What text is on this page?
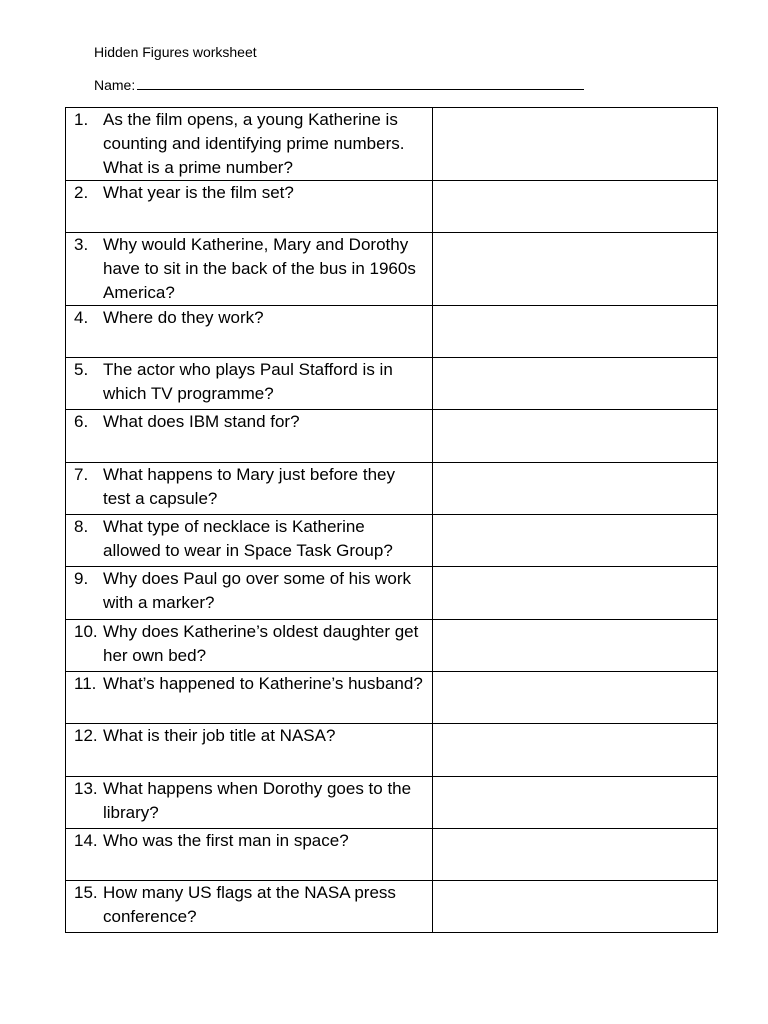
Hidden Figures worksheet
Name:
1. As the film opens, a young Katherine is counting and identifying prime numbers. What is a prime number?	

2. What year is the film set?	

3. Why would Katherine, Mary and Dorothy have to sit in the back of the bus in 1960s America?	

4. Where do they work?	

5. The actor who plays Paul Stafford is in which TV programme?	

6. What does IBM stand for?	

7. What happens to Mary just before they test a capsule?	

8. What type of necklace is Katherine allowed to wear in Space Task Group?	

9. Why does Paul go over some of his work with a marker?	

10. Why does Katherine’s oldest daughter get her own bed?	

11. What’s happened to Katherine’s husband?	

12. What is their job title at NASA?	

13. What happens when Dorothy goes to the library?	

14. Who was the first man in space?	

15. How many US flags at the NASA press conference?	
